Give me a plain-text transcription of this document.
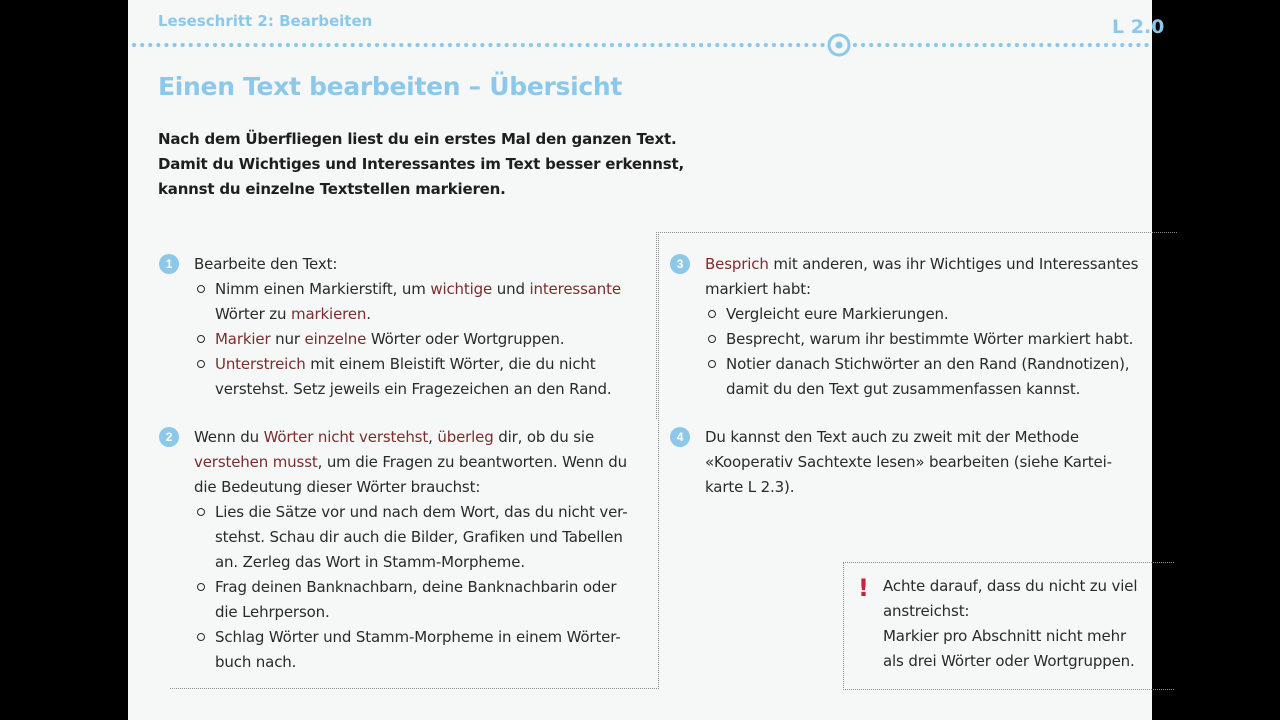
Leseschritt 2: Bearbeiten	L 2.0
Einen Text bearbeiten – Übersicht
Nach dem Überfliegen liest du ein erstes Mal den ganzen Text.
Damit du Wichtiges und Interessantes im Text besser erkennst,
kannst du einzelne Textstellen markieren.
1	Bearbeite den Text:
Nimm einen Markierstift, um wichtige und interessante
Wörter zu markieren.
Markier nur einzelne Wörter oder Wortgruppen.
Unterstreich mit einem Bleistift Wörter, die du nicht
verstehst. Setz jeweils ein Fragezeichen an den Rand.
2	Wenn du Wörter nicht verstehst, überleg dir, ob du sie
verstehen musst, um die Fragen zu beantworten. Wenn du
die Bedeutung dieser Wörter brauchst:
Lies die Sätze vor und nach dem Wort, das du nicht ver-
stehst. Schau dir auch die Bilder, Grafiken und Tabellen
an. Zerleg das Wort in Stamm-Morpheme.
Frag deinen Banknachbarn, deine Banknachbarin oder
die Lehrperson.
Schlag Wörter und Stamm-Morpheme in einem Wörter-
buch nach.
3	Besprich mit anderen, was ihr Wichtiges und Interessantes
markiert habt:
Vergleicht eure Markierungen.
Besprecht, warum ihr bestimmte Wörter markiert habt.
Notier danach Stichwörter an den Rand (Randnotizen),
damit du den Text gut zusammenfassen kannst.
4	Du kannst den Text auch zu zweit mit der Methode
«Kooperativ Sachtexte lesen» bearbeiten (siehe Kartei-
karte L 2.3).
! Achte darauf, dass du nicht zu viel
anstreichst:
Markier pro Abschnitt nicht mehr
als drei Wörter oder Wortgruppen.
